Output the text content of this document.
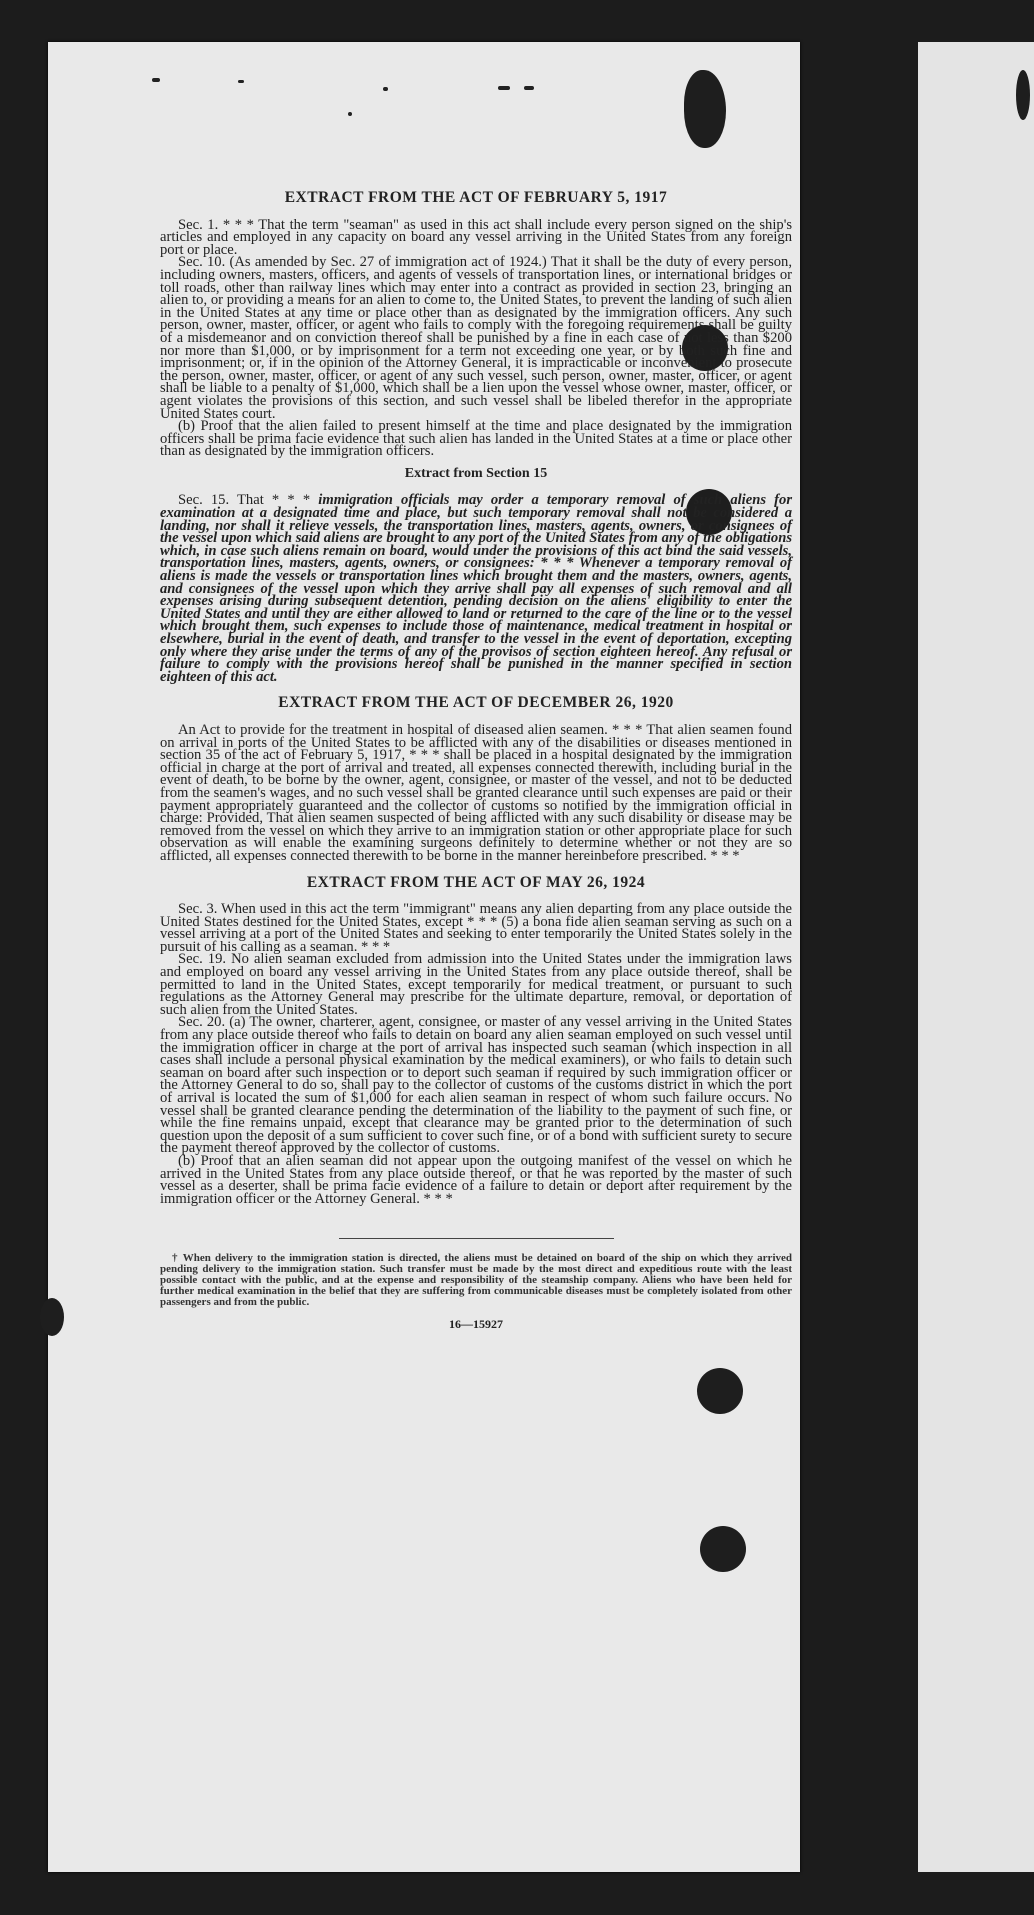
EXTRACT FROM THE ACT OF FEBRUARY 5, 1917

Sec. 1. * * * That the term "seaman" as used in this act shall include every person signed on the ship's articles and employed in any capacity on board any vessel arriving in the United States from any foreign port or place.

Sec. 10. (As amended by Sec. 27 of immigration act of 1924.) That it shall be the duty of every person, including owners, masters, officers, and agents of vessels of transportation lines, or international bridges or toll roads, other than railway lines which may enter into a contract as provided in section 23, bringing an alien to, or providing a means for an alien to come to, the United States, to prevent the landing of such alien in the United States at any time or place other than as designated by the immigration officers. Any such person, owner, master, officer, or agent who fails to comply with the foregoing requirements shall be guilty of a misdemeanor and on conviction thereof shall be punished by a fine in each case of not less than $200 nor more than $1,000, or by imprisonment for a term not exceeding one year, or by both such fine and imprisonment; or, if in the opinion of the Attorney General, it is impracticable or inconvenient to prosecute the person, owner, master, officer, or agent of any such vessel, such person, owner, master, officer, or agent shall be liable to a penalty of $1,000, which shall be a lien upon the vessel whose owner, master, officer, or agent violates the provisions of this section, and such vessel shall be libeled therefor in the appropriate United States court.

(b) Proof that the alien failed to present himself at the time and place designated by the immigration officers shall be prima facie evidence that such alien has landed in the United States at a time or place other than as designated by the immigration officers.

Extract from Section 15

Sec. 15. That * * * immigration officials may order a temporary removal of such aliens for examination at a designated time and place, but such temporary removal shall not be considered a landing, nor shall it relieve vessels, the transportation lines, masters, agents, owners, or consignees of the vessel upon which said aliens are brought to any port of the United States from any of the obligations which, in case such aliens remain on board, would under the provisions of this act bind the said vessels, transportation lines, masters, agents, owners, or consignees: * * * Whenever a temporary removal of aliens is made the vessels or transportation lines which brought them and the masters, owners, agents, and consignees of the vessel upon which they arrive shall pay all expenses of such removal and all expenses arising during subsequent detention, pending decision on the aliens' eligibility to enter the United States and until they are either allowed to land or returned to the care of the line or to the vessel which brought them, such expenses to include those of maintenance, medical treatment in hospital or elsewhere, burial in the event of death, and transfer to the vessel in the event of deportation, excepting only where they arise under the terms of any of the provisos of section eighteen hereof. Any refusal or failure to comply with the provisions hereof shall be punished in the manner specified in section eighteen of this act.

EXTRACT FROM THE ACT OF DECEMBER 26, 1920

An Act to provide for the treatment in hospital of diseased alien seamen. * * * That alien seamen found on arrival in ports of the United States to be afflicted with any of the disabilities or diseases mentioned in section 35 of the act of February 5, 1917, * * * shall be placed in a hospital designated by the immigration official in charge at the port of arrival and treated, all expenses connected therewith, including burial in the event of death, to be borne by the owner, agent, consignee, or master of the vessel, and not to be deducted from the seamen's wages, and no such vessel shall be granted clearance until such expenses are paid or their payment appropriately guaranteed and the collector of customs so notified by the immigration official in charge: Provided, That alien seamen suspected of being afflicted with any such disability or disease may be removed from the vessel on which they arrive to an immigration station or other appropriate place for such observation as will enable the examining surgeons definitely to determine whether or not they are so afflicted, all expenses connected therewith to be borne in the manner hereinbefore prescribed. * * *

EXTRACT FROM THE ACT OF MAY 26, 1924

Sec. 3. When used in this act the term "immigrant" means any alien departing from any place outside the United States destined for the United States, except * * * (5) a bona fide alien seaman serving as such on a vessel arriving at a port of the United States and seeking to enter temporarily the United States solely in the pursuit of his calling as a seaman. * * *

Sec. 19. No alien seaman excluded from admission into the United States under the immigration laws and employed on board any vessel arriving in the United States from any place outside thereof, shall be permitted to land in the United States, except temporarily for medical treatment, or pursuant to such regulations as the Attorney General may prescribe for the ultimate departure, removal, or deportation of such alien from the United States.

Sec. 20. (a) The owner, charterer, agent, consignee, or master of any vessel arriving in the United States from any place outside thereof who fails to detain on board any alien seaman employed on such vessel until the immigration officer in charge at the port of arrival has inspected such seaman (which inspection in all cases shall include a personal physical examination by the medical examiners), or who fails to detain such seaman on board after such inspection or to deport such seaman if required by such immigration officer or the Attorney General to do so, shall pay to the collector of customs of the customs district in which the port of arrival is located the sum of $1,000 for each alien seaman in respect of whom such failure occurs. No vessel shall be granted clearance pending the determination of the liability to the payment of such fine, or while the fine remains unpaid, except that clearance may be granted prior to the determination of such question upon the deposit of a sum sufficient to cover such fine, or of a bond with sufficient surety to secure the payment thereof approved by the collector of customs.

(b) Proof that an alien seaman did not appear upon the outgoing manifest of the vessel on which he arrived in the United States from any place outside thereof, or that he was reported by the master of such vessel as a deserter, shall be prima facie evidence of a failure to detain or deport after requirement by the immigration officer or the Attorney General. * * *

† When delivery to the immigration station is directed, the aliens must be detained on board of the ship on which they arrived pending delivery to the immigration station. Such transfer must be made by the most direct and expeditious route with the least possible contact with the public, and at the expense and responsibility of the steamship company. Aliens who have been held for further medical examination in the belief that they are suffering from communicable diseases must be completely isolated from other passengers and from the public.

16—15927
